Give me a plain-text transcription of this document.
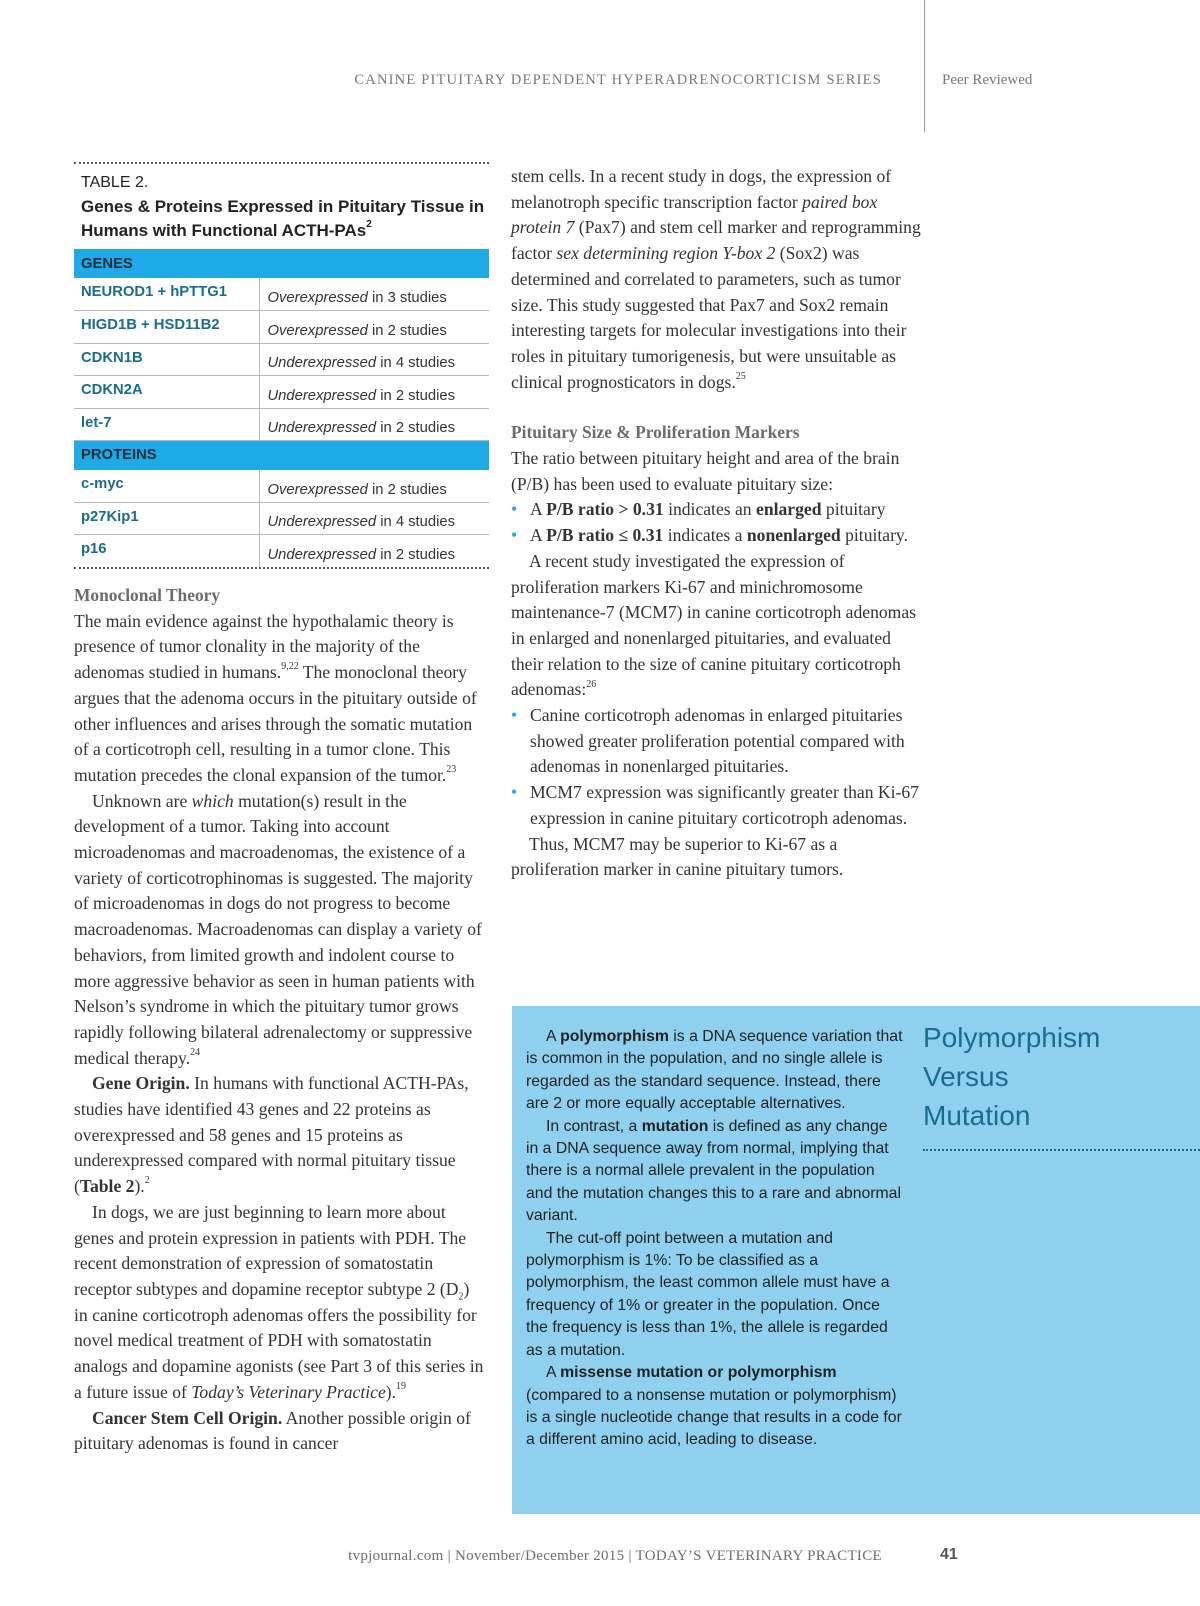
CANINE PITUITARY DEPENDENT HYPERADRENOCORTICISM SERIES	Peer Reviewed
TABLE 2.
Genes & Proteins Expressed in Pituitary Tissue in Humans with Functional ACTH-PAs$^2$
GENES	
NEUROD1 + hPTTG1	Overexpressed in 3 studies
HIGD1B + HSD11B2	Overexpressed in 2 studies
CDKN1B	Underexpressed in 4 studies
CDKN2A	Underexpressed in 2 studies
let-7	Underexpressed in 2 studies
PROTEINS	
c-myc	Overexpressed in 2 studies
p27Kip1	Underexpressed in 4 studies
p16	Underexpressed in 2 studies

Monoclonal Theory

The main evidence against the hypothalamic theory is presence of tumor clonality in the majority of the adenomas studied in humans.$^{9,22}$ The monoclonal theory argues that the adenoma occurs in the pituitary outside of other influences and arises through the somatic mutation of a corticotroph cell, resulting in a tumor clone. This mutation precedes the clonal expansion of the tumor.$^{23}$

Unknown are which mutation(s) result in the development of a tumor. Taking into account microadenomas and macroadenomas, the existence of a variety of corticotrophinomas is suggested. The majority of microadenomas in dogs do not progress to become macroadenomas. Macroadenomas can display a variety of behaviors, from limited growth and indolent course to more aggressive behavior as seen in human patients with Nelson’s syndrome in which the pituitary tumor grows rapidly following bilateral adrenalectomy or suppressive medical therapy.$^{24}$

Gene Origin. In humans with functional ACTH-PAs, studies have identified 43 genes and 22 proteins as overexpressed and 58 genes and 15 proteins as underexpressed compared with normal pituitary tissue (Table 2).$^2$

In dogs, we are just beginning to learn more about genes and protein expression in patients with PDH. The recent demonstration of expression of somatostatin receptor subtypes and dopamine receptor subtype 2 $(D_2)$ in canine corticotroph adenomas offers the possibility for novel medical treatment of PDH with somatostatin analogs and dopamine agonists (see Part 3 of this series in a future issue of Today’s Veterinary Practice).$^{19}$

Cancer Stem Cell Origin. Another possible origin of pituitary adenomas is found in cancer

stem cells. In a recent study in dogs, the expression of melanotroph specific transcription factor paired box protein 7 (Pax7) and stem cell marker and reprogramming factor sex determining region Y-box 2 (Sox2) was determined and correlated to parameters, such as tumor size. This study suggested that Pax7 and Sox2 remain interesting targets for molecular investigations into their roles in pituitary tumorigenesis, but were unsuitable as clinical prognosticators in dogs.$^{25}$

Pituitary Size & Proliferation Markers

The ratio between pituitary height and area of the brain (P/B) has been used to evaluate pituitary size:

• A P/B ratio > 0.31 indicates an enlarged pituitary
• A P/B ratio ≤ 0.31 indicates a nonenlarged pituitary.

A recent study investigated the expression of proliferation markers Ki-67 and minichromosome maintenance-7 (MCM7) in canine corticotroph adenomas in enlarged and nonenlarged pituitaries, and evaluated their relation to the size of canine pituitary corticotroph adenomas:$^{26}$

• Canine corticotroph adenomas in enlarged pituitaries showed greater proliferation potential compared with adenomas in nonenlarged pituitaries.
• MCM7 expression was significantly greater than Ki-67 expression in canine pituitary corticotroph adenomas.

Thus, MCM7 may be superior to Ki-67 as a proliferation marker in canine pituitary tumors.

A polymorphism is a DNA sequence variation that is common in the population, and no single allele is regarded as the standard sequence. Instead, there are 2 or more equally acceptable alternatives.

In contrast, a mutation is defined as any change in a DNA sequence away from normal, implying that there is a normal allele prevalent in the population and the mutation changes this to a rare and abnormal variant.

The cut-off point between a mutation and polymorphism is 1%: To be classified as a polymorphism, the least common allele must have a frequency of 1% or greater in the population. Once the frequency is less than 1%, the allele is regarded as a mutation.

A missense mutation or polymorphism (compared to a nonsense mutation or polymorphism) is a single nucleotide change that results in a code for a different amino acid, leading to disease.

Polymorphism
Versus
Mutation
tvpjournal.com | November/December 2015 | TODAY’S VETERINARY PRACTICE	41
